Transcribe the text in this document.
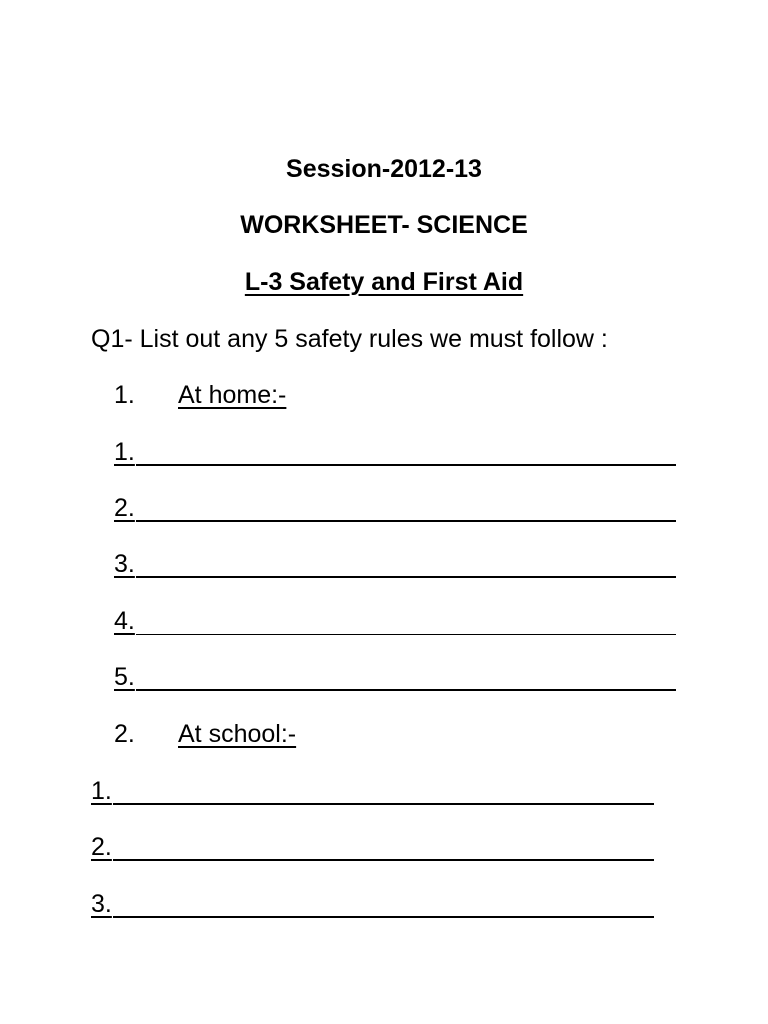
Session-2012-13
WORKSHEET- SCIENCE
L-3 Safety and First Aid
Q1- List out any 5 safety rules we must follow :
1. At home:-
1.
2.
3.
4.
5.
2. At school:-
1.
2.
3.
